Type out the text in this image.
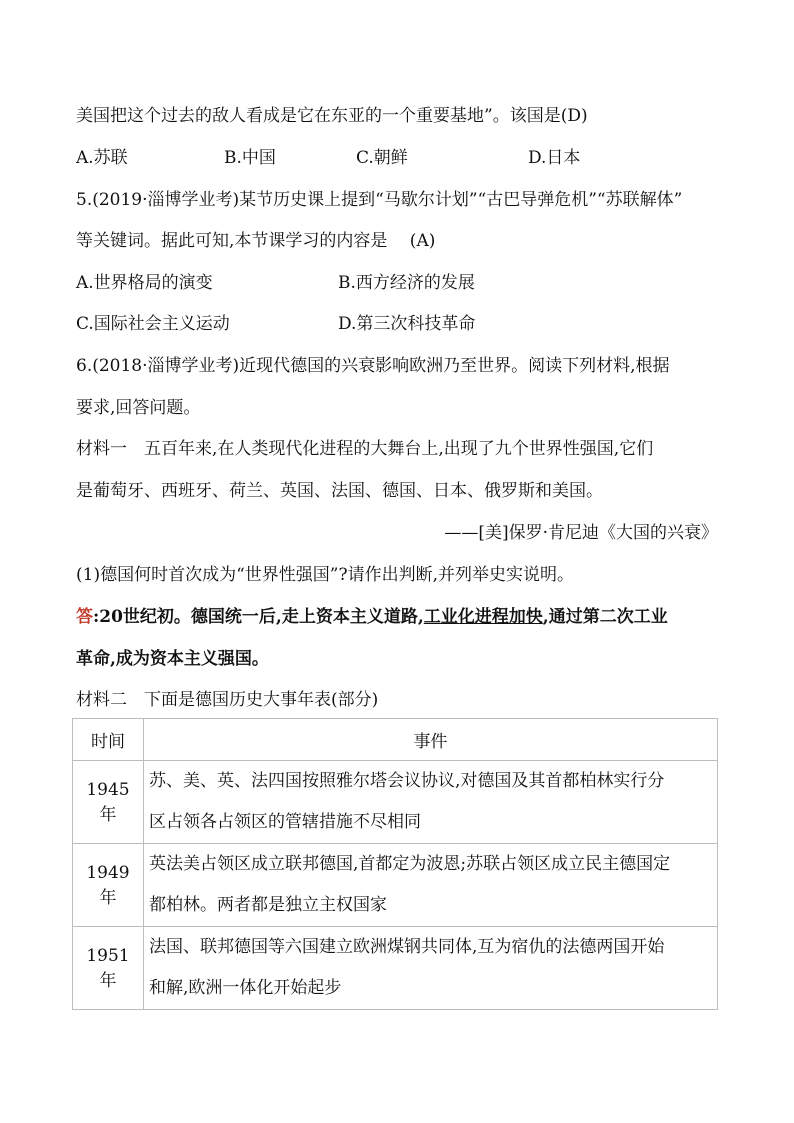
美国把这个过去的敌人看成是它在东亚的一个重要基地”。该国是(D)
A.苏联	B.中国	C.朝鲜	D.日本
5.(2019·淄博学业考)某节历史课上提到“马歇尔计划”“古巴导弹危机”“苏联解体”
等关键词。据此可知,本节课学习的内容是　 (A)
A.世界格局的演变	B.西方经济的发展
C.国际社会主义运动	D.第三次科技革命
6.(2018·淄博学业考)近现代德国的兴衰影响欧洲乃至世界。阅读下列材料,根据
要求,回答问题。
材料一　五百年来,在人类现代化进程的大舞台上,出现了九个世界性强国,它们
是葡萄牙、西班牙、荷兰、英国、法国、德国、日本、俄罗斯和美国。
——[美]保罗·肯尼迪《大国的兴衰》
(1)德国何时首次成为“世界性强国”?请作出判断,并列举史实说明。
答:20世纪初。德国统一后,走上资本主义道路,工业化进程加快,通过第二次工业
革命,成为资本主义强国。
材料二　下面是德国历史大事年表(部分)
时间	事件
1945 年	苏、美、英、法四国按照雅尔塔会议协议,对德国及其首都柏林实行分
区占领各占领区的管辖措施不尽相同

1949 年	英法美占领区成立联邦德国,首都定为波恩;苏联占领区成立民主德国定
都柏林。两者都是独立主权国家

1951 年	法国、联邦德国等六国建立欧洲煤钢共同体,互为宿仇的法德两国开始
和解,欧洲一体化开始起步
